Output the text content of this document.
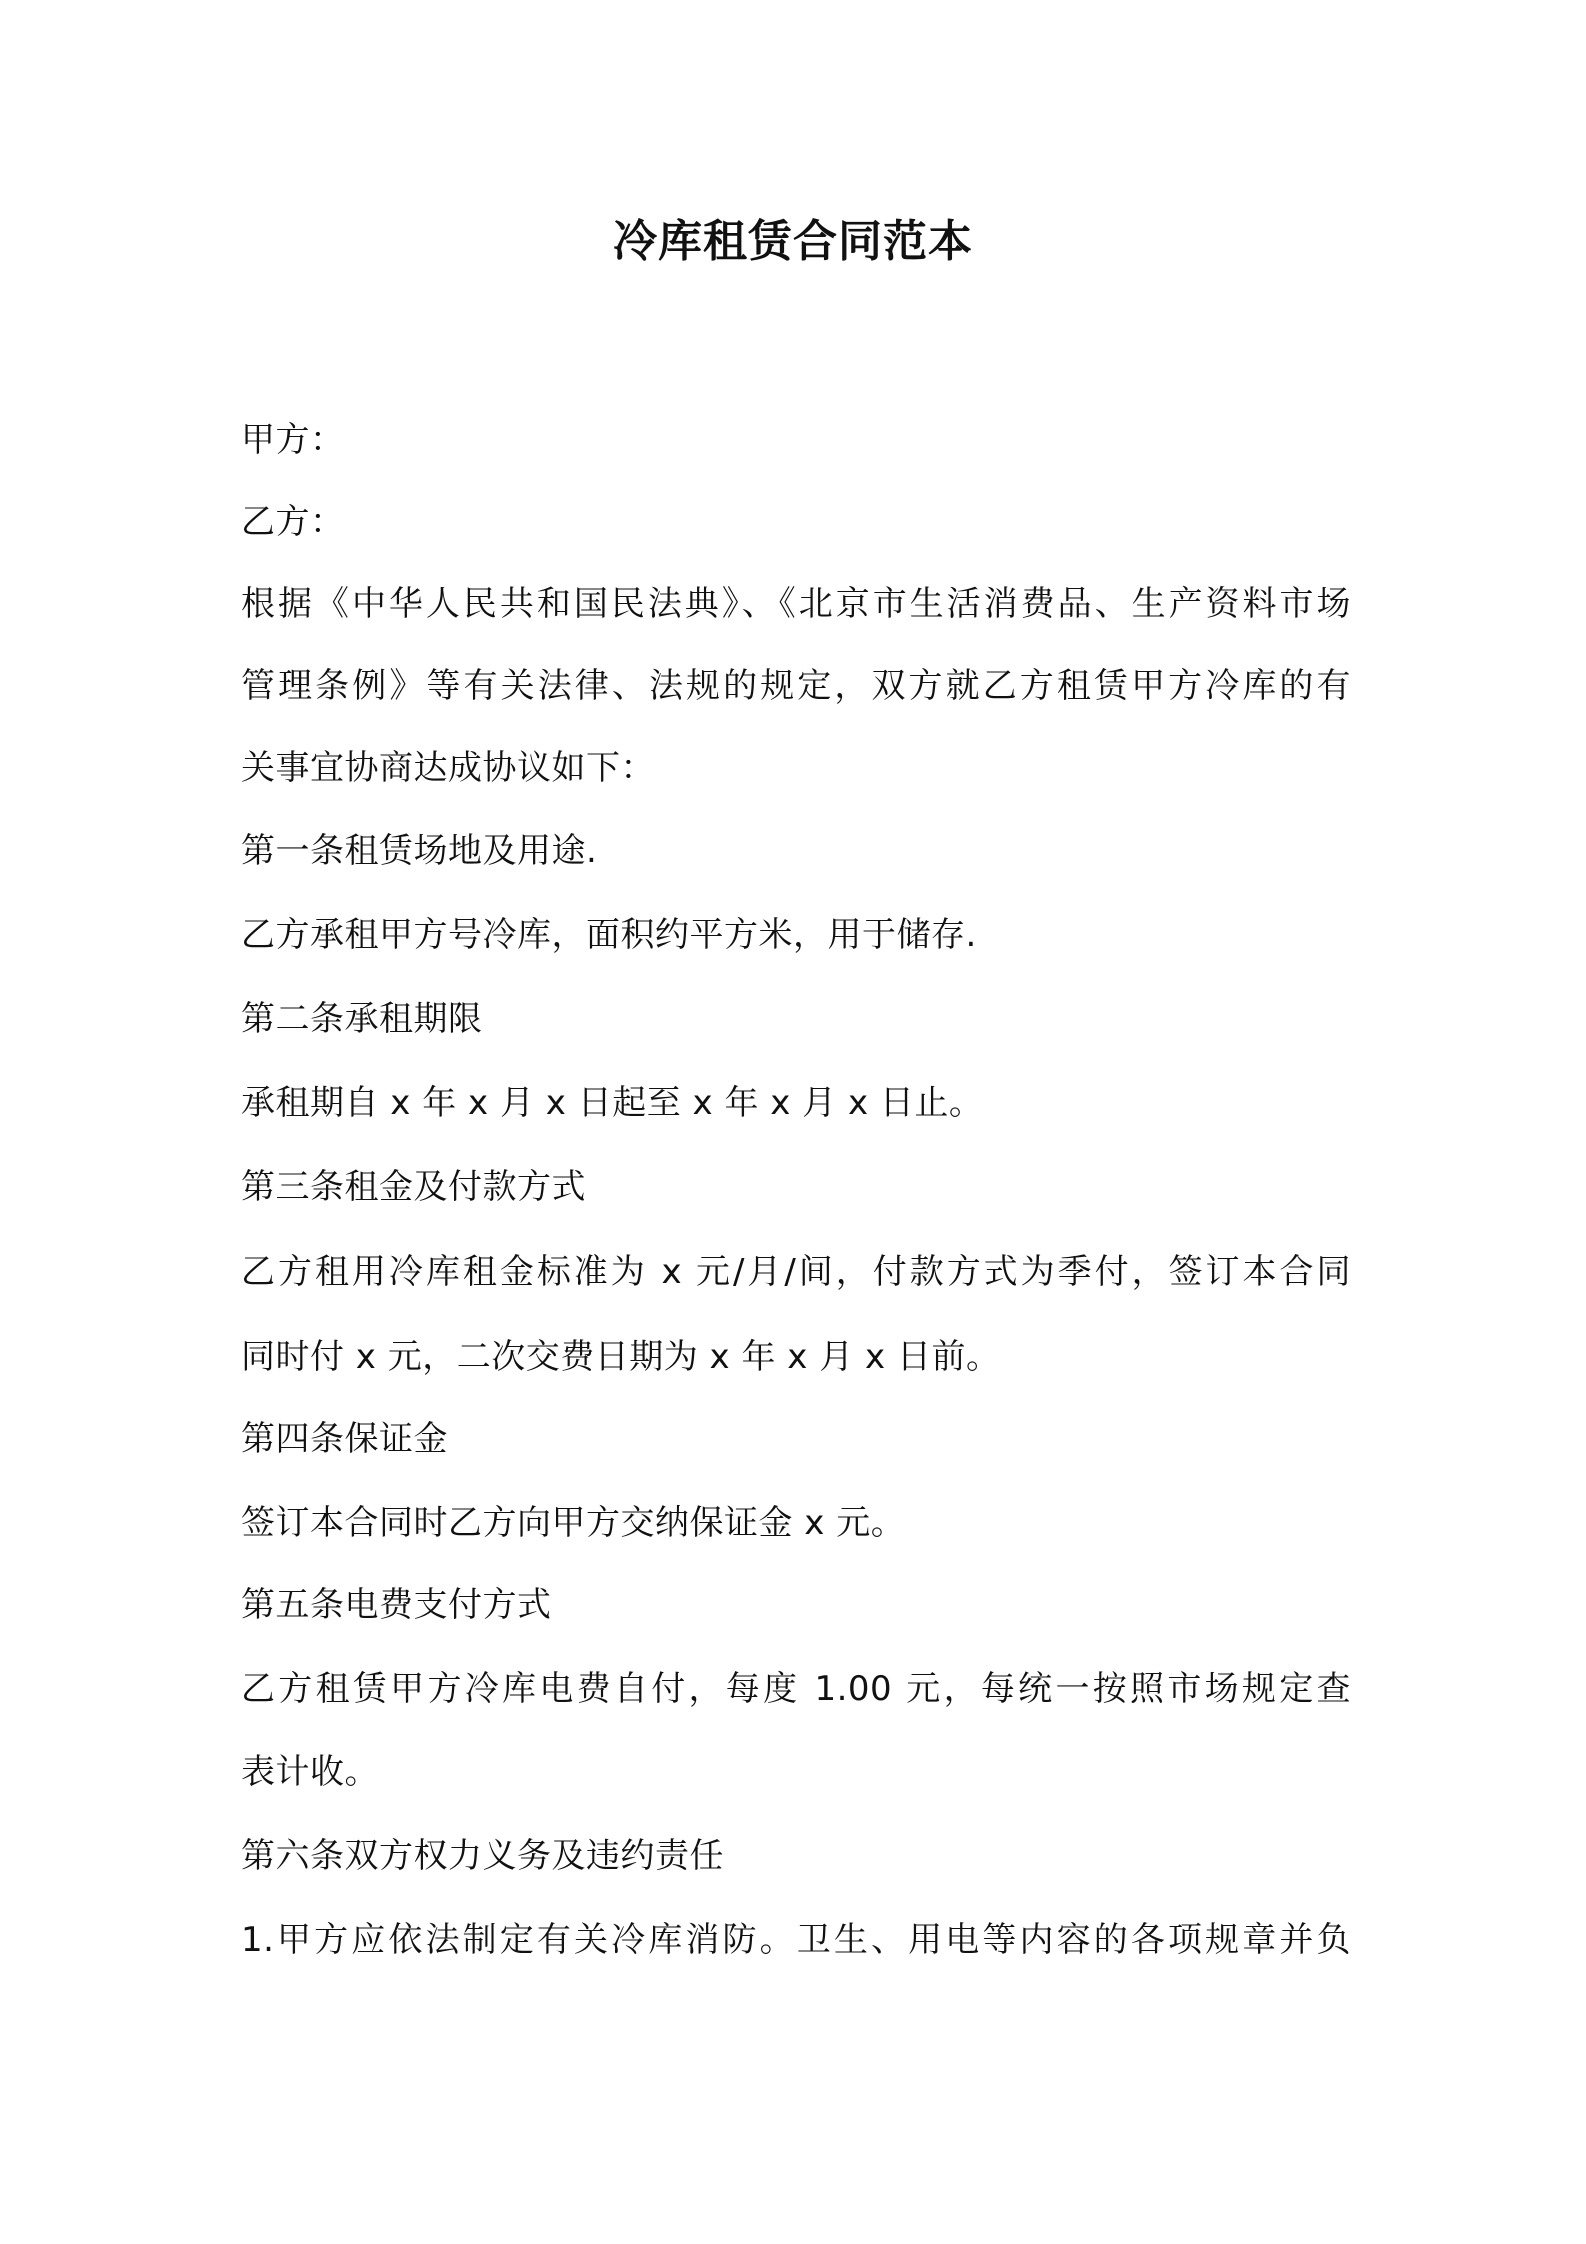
冷库租赁合同范本
甲方：
乙方：
根据《中华人民共和国民法典》、《北京市生活消费品、生产资料市场
管理条例》等有关法律、法规的规定，双方就乙方租赁甲方冷库的有
关事宜协商达成协议如下：
第一条租赁场地及用途.
乙方承租甲方号冷库，面积约平方米，用于储存.
第二条承租期限
承租期自 x 年 x 月 x 日起至 x 年 x 月 x 日止。
第三条租金及付款方式
乙方租用冷库租金标准为 x 元/月/间，付款方式为季付，签订本合同
同时付 x 元，二次交费日期为 x 年 x 月 x 日前。
第四条保证金
签订本合同时乙方向甲方交纳保证金 x 元。
第五条电费支付方式
乙方租赁甲方冷库电费自付，每度 1.00 元，每统一按照市场规定查
表计收。
第六条双方权力义务及违约责任
1.甲方应依法制定有关冷库消防。卫生、用电等内容的各项规章并负
